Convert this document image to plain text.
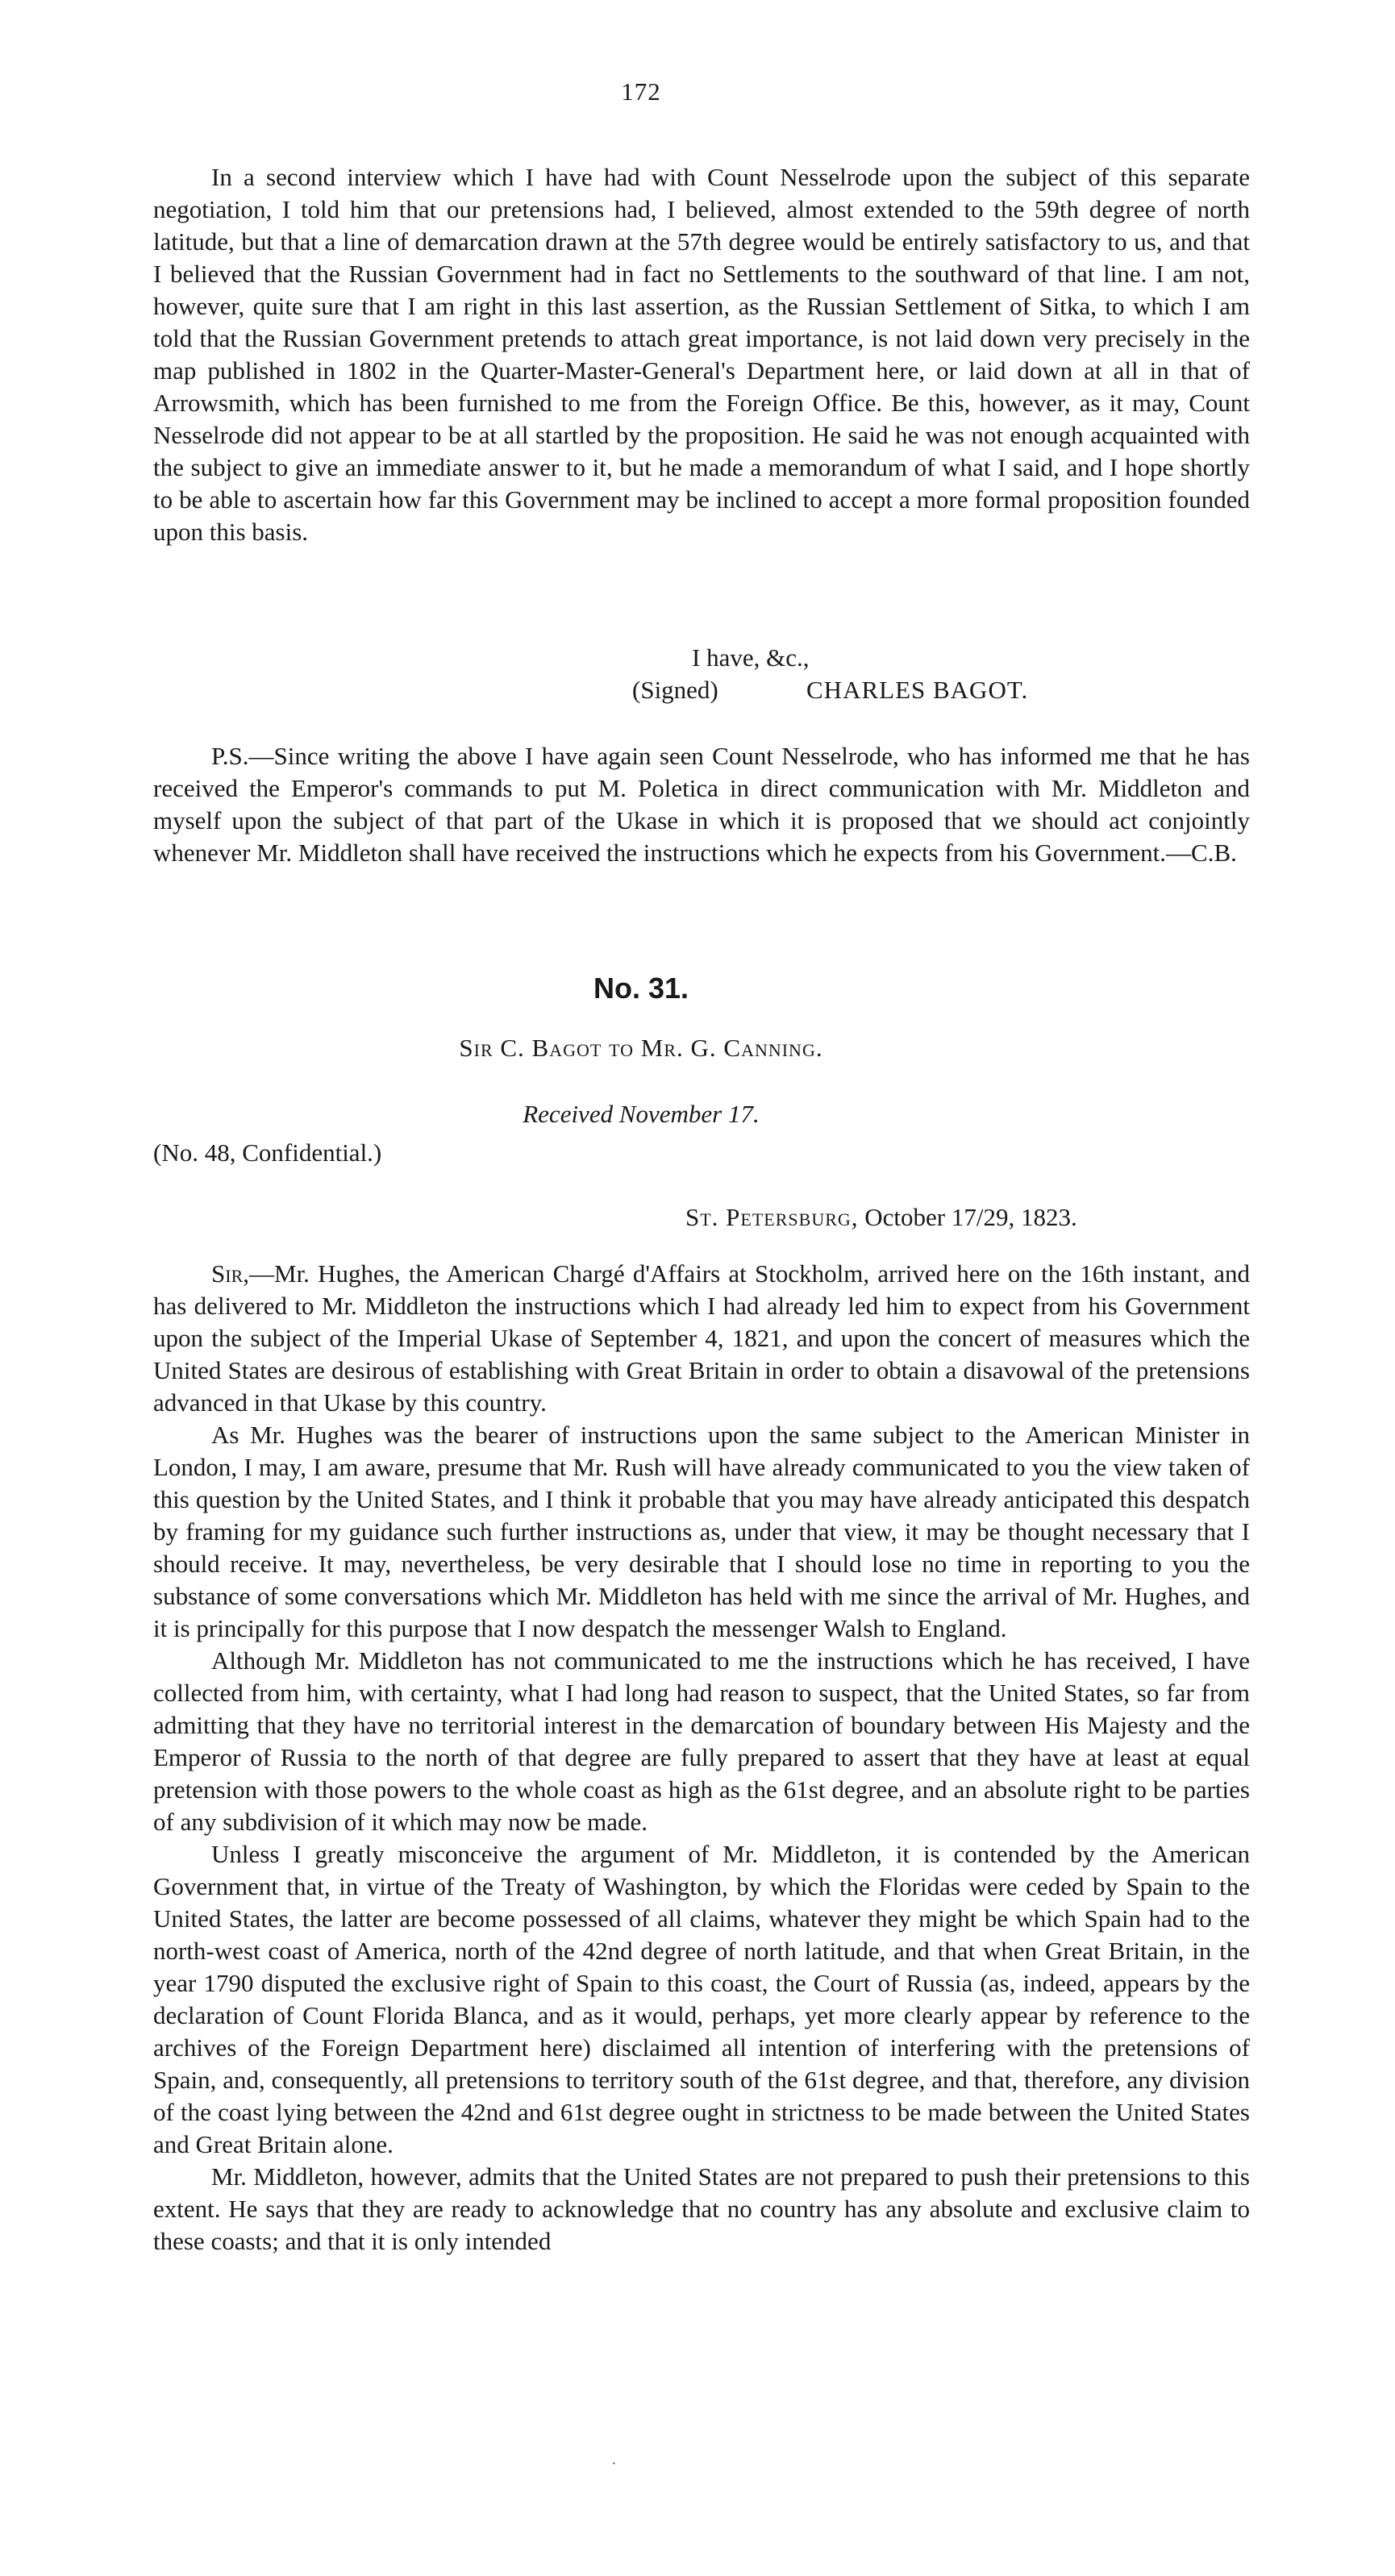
172

In a second interview which I have had with Count Nesselrode upon the subject of this separate negotiation, I told him that our pretensions had, I believed, almost extended to the 59th degree of north latitude, but that a line of demarcation drawn at the 57th degree would be entirely satisfactory to us, and that I believed that the Russian Government had in fact no Settlements to the southward of that line. I am not, however, quite sure that I am right in this last assertion, as the Russian Settlement of Sitka, to which I am told that the Russian Government pretends to attach great importance, is not laid down very precisely in the map published in 1802 in the Quarter-Master-General's Department here, or laid down at all in that of Arrowsmith, which has been furnished to me from the Foreign Office. Be this, however, as it may, Count Nesselrode did not appear to be at all startled by the proposition. He said he was not enough acquainted with the subject to give an immediate answer to it, but he made a memorandum of what I said, and I hope shortly to be able to ascertain how far this Government may be inclined to accept a more formal proposition founded upon this basis.

I have, &c.,
(Signed)	CHARLES BAGOT.

P.S.—Since writing the above I have again seen Count Nesselrode, who has informed me that he has received the Emperor's commands to put M. Poletica in direct communication with Mr. Middleton and myself upon the subject of that part of the Ukase in which it is proposed that we should act conjointly whenever Mr. Middleton shall have received the instructions which he expects from his Government.—C.B.

No. 31.
Sir C. Bagot to Mr. G. Canning.
Received November 17.
(No. 48, Confidential.)
St. Petersburg, October 17/29, 1823.

Sir,—Mr. Hughes, the American Chargé d'Affairs at Stockholm, arrived here on the 16th instant, and has delivered to Mr. Middleton the instructions which I had already led him to expect from his Government upon the subject of the Imperial Ukase of September 4, 1821, and upon the concert of measures which the United States are desirous of establishing with Great Britain in order to obtain a disavowal of the pretensions advanced in that Ukase by this country.

As Mr. Hughes was the bearer of instructions upon the same subject to the American Minister in London, I may, I am aware, presume that Mr. Rush will have already communicated to you the view taken of this question by the United States, and I think it probable that you may have already anticipated this despatch by framing for my guidance such further instructions as, under that view, it may be thought necessary that I should receive. It may, nevertheless, be very desirable that I should lose no time in reporting to you the substance of some conversations which Mr. Middleton has held with me since the arrival of Mr. Hughes, and it is principally for this purpose that I now despatch the messenger Walsh to England.

Although Mr. Middleton has not communicated to me the instructions which he has received, I have collected from him, with certainty, what I had long had reason to suspect, that the United States, so far from admitting that they have no territorial interest in the demarcation of boundary between His Majesty and the Emperor of Russia to the north of that degree are fully prepared to assert that they have at least at equal pretension with those powers to the whole coast as high as the 61st degree, and an absolute right to be parties of any subdivision of it which may now be made.

Unless I greatly misconceive the argument of Mr. Middleton, it is contended by the American Government that, in virtue of the Treaty of Washington, by which the Floridas were ceded by Spain to the United States, the latter are become possessed of all claims, whatever they might be which Spain had to the north-west coast of America, north of the 42nd degree of north latitude, and that when Great Britain, in the year 1790 disputed the exclusive right of Spain to this coast, the Court of Russia (as, indeed, appears by the declaration of Count Florida Blanca, and as it would, perhaps, yet more clearly appear by reference to the archives of the Foreign Department here) disclaimed all intention of interfering with the pretensions of Spain, and, consequently, all pretensions to territory south of the 61st degree, and that, therefore, any division of the coast lying between the 42nd and 61st degree ought in strictness to be made between the United States and Great Britain alone.

Mr. Middleton, however, admits that the United States are not prepared to push their pretensions to this extent. He says that they are ready to acknowledge that no country has any absolute and exclusive claim to these coasts; and that it is only intended

·
